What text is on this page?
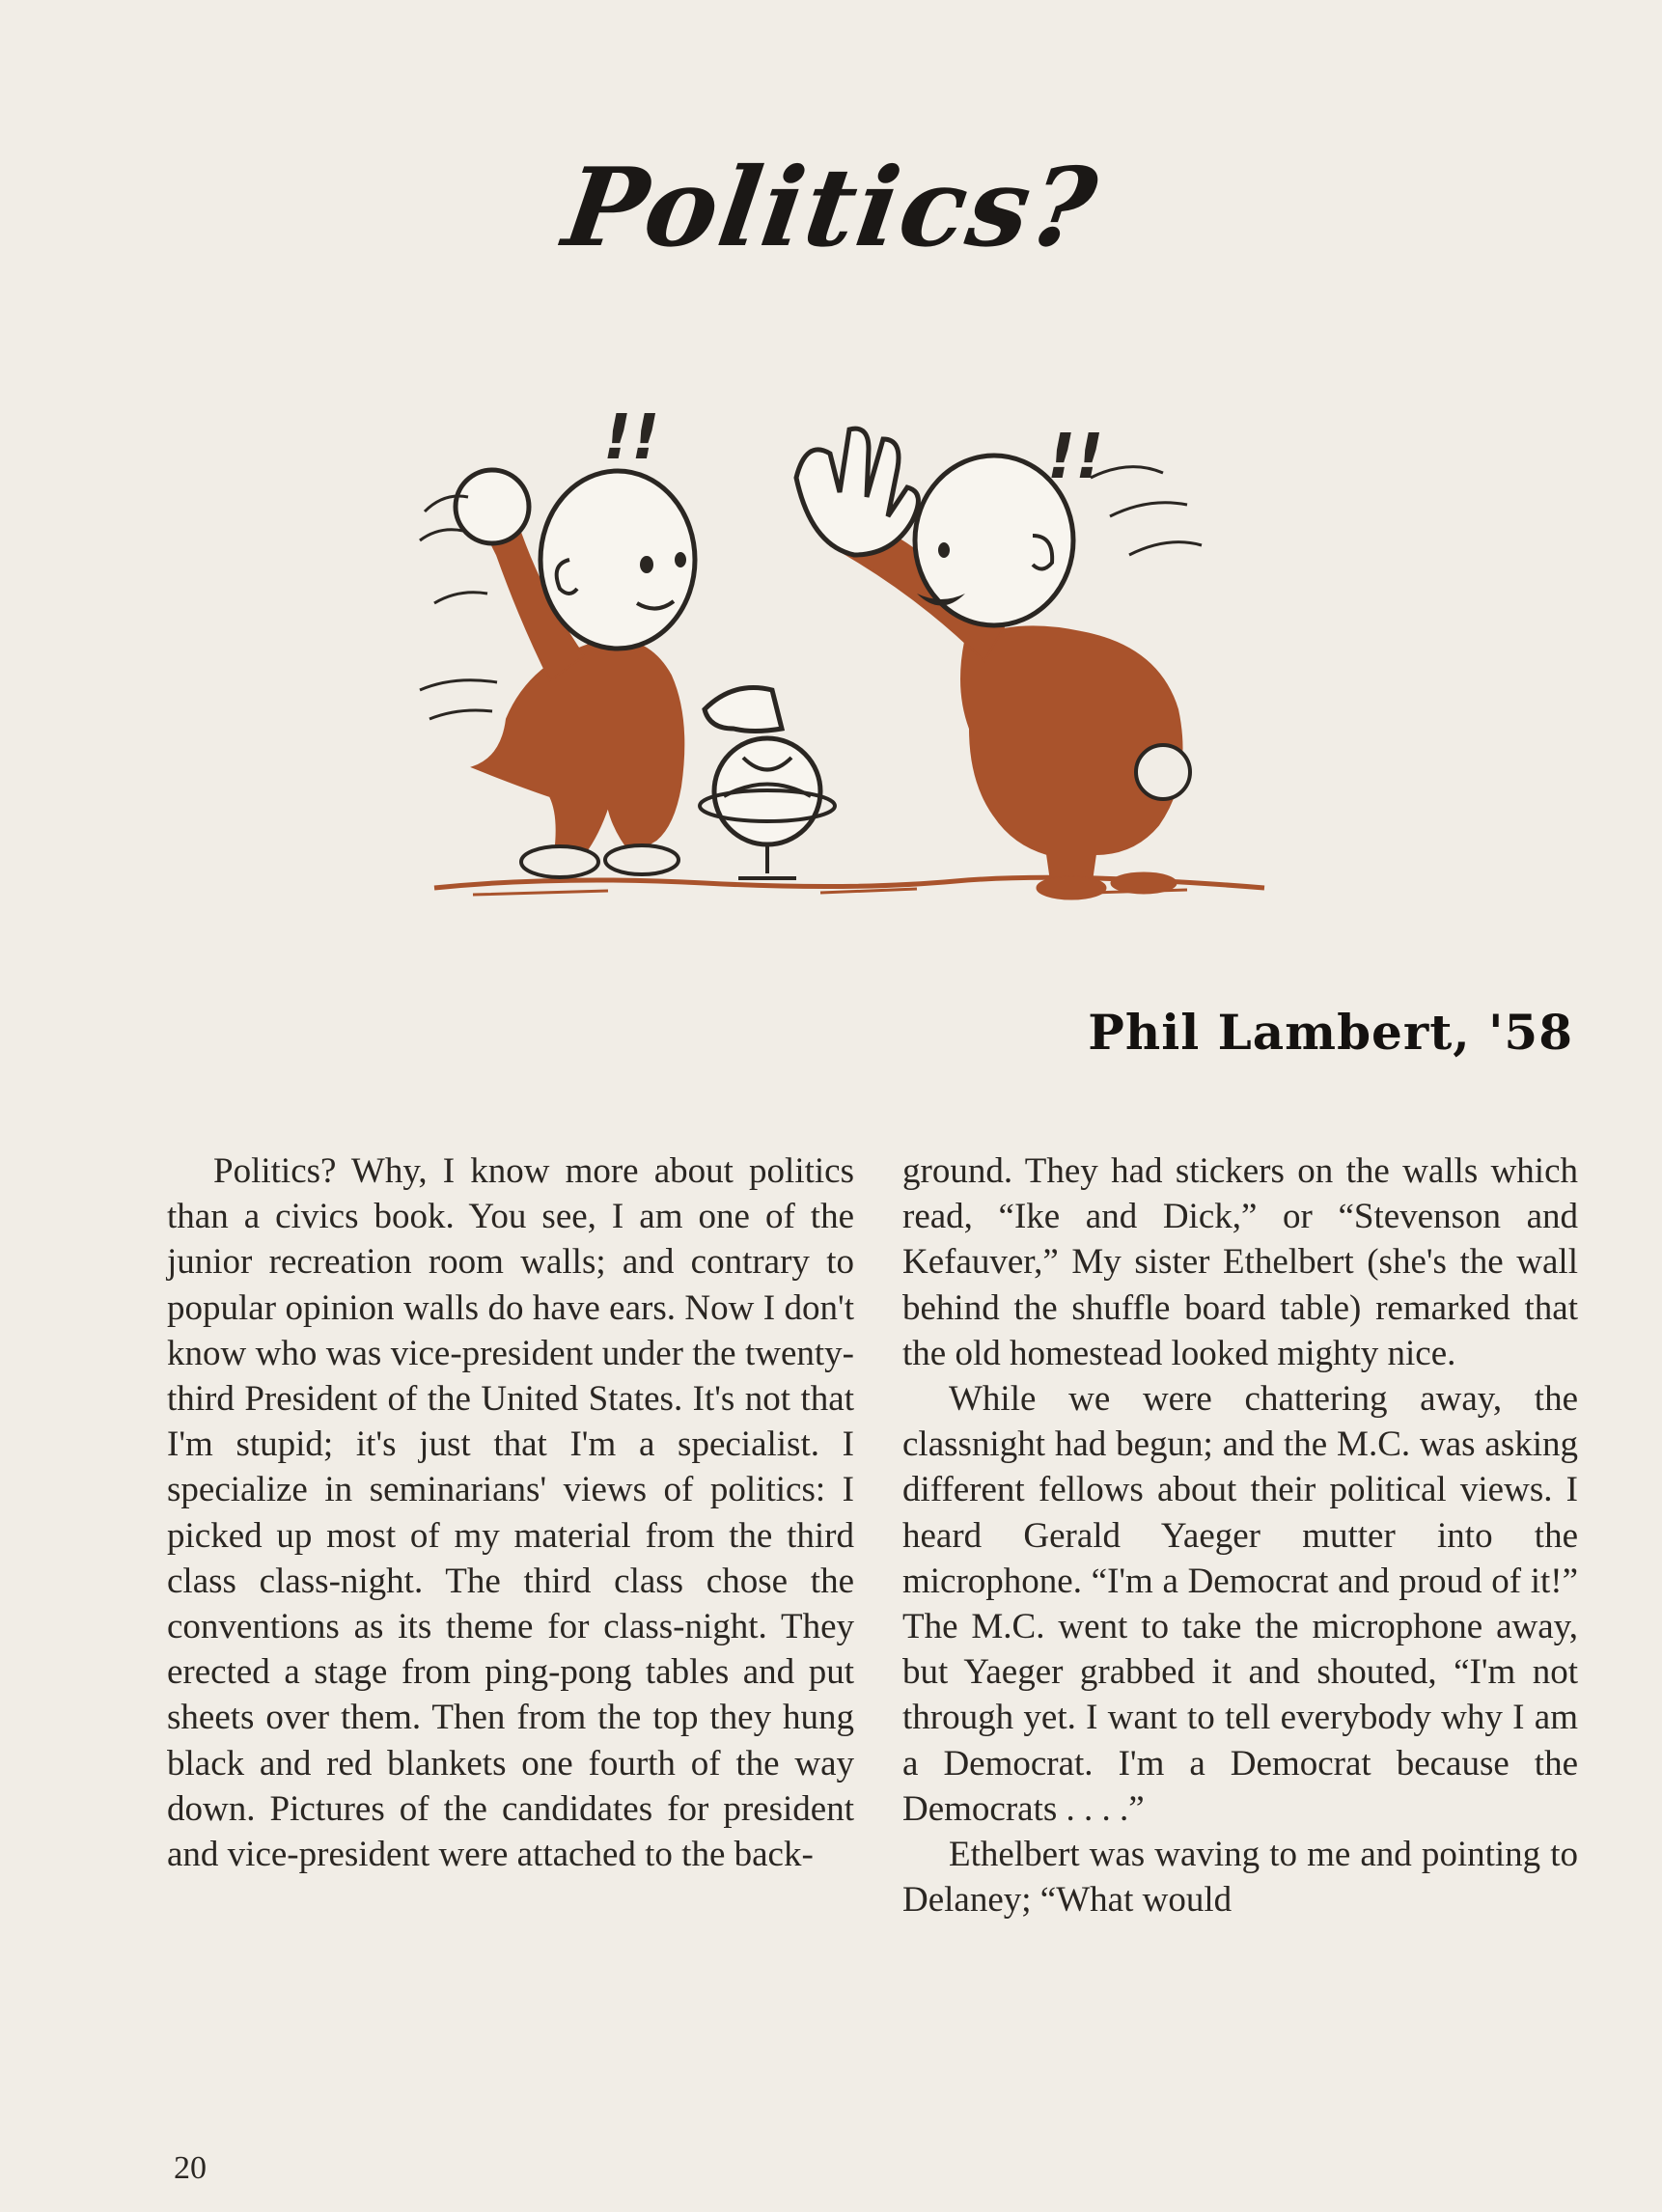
Politics?
!!	!!
Phil Lambert, '58

Politics? Why, I know more about politics than a civics book. You see, I am one of the junior recreation room walls; and contrary to popular opinion walls do have ears. Now I don't know who was vice-president under the twenty-third President of the United States. It's not that I'm stupid; it's just that I'm a specialist. I specialize in seminarians' views of politics: I picked up most of my material from the third class class-night. The third class chose the conventions as its theme for class-night. They erected a stage from ping-pong tables and put sheets over them. Then from the top they hung black and red blankets one fourth of the way down. Pictures of the candidates for president and vice-president were attached to the back-

ground. They had stickers on the walls which read, “Ike and Dick,” or “Stevenson and Kefauver,” My sister Ethelbert (she's the wall behind the shuffle board table) remarked that the old homestead looked mighty nice.

While we were chattering away, the classnight had begun; and the M.C. was asking different fellows about their political views. I heard Gerald Yaeger mutter into the microphone. “I'm a Democrat and proud of it!” The M.C. went to take the microphone away, but Yaeger grabbed it and shouted, “I'm not through yet. I want to tell everybody why I am a Democrat. I'm a Democrat because the Democrats . . . .”

Ethelbert was waving to me and pointing to Delaney; “What would

20
